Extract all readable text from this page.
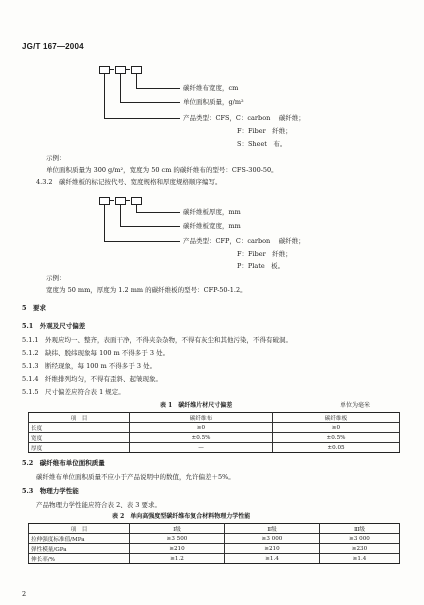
JG/T 167—2004
碳纤维布宽度，cm
单位面积质量，g/m²
产品类型：CFS，C：carbon　 碳纤维；
F：Fiber　纤维；
S：Sheet　布。
示例：
单位面积质量为 300 g/m²，宽度为 50 cm 的碳纤维布的型号：CFS-300-50。
4.3.2　碳纤维板的标记按代号、宽度规格和厚度规格顺序编写。
碳纤维板厚度，mm
碳纤维板宽度，mm
产品类型：CFP，C：carbon　 碳纤维；
F：Fiber　纤维；
P：Plate　板。
示例：
宽度为 50 mm，厚度为 1.2 mm 的碳纤维板的型号：CFP-50-1.2。
5　要求
5.1　外观及尺寸偏差
5.1.1　外观应均一、整齐，表面干净，不得夹杂杂物，不得有灰尘和其他污染，不得有破洞。
5.1.2　缺纬、脱纬现象每 100 m 不得多于 3 处。
5.1.3　断经现象，每 100 m 不得多于 3 处。
5.1.4　纤维排列均匀，不得有歪斜、起皱现象。
5.1.5　尺寸偏差应符合表 1 规定。
表 1　碳纤维片材尺寸偏差	单位为毫米
项　目	碳纤维布	碳纤维板
长度	≥0	≥0
宽度	±0.5%	±0.5%
厚度	—	±0.05
5.2　碳纤维布单位面积质量
碳纤维布单位面积质量不应小于产品说明中的数值，允许偏差＋5%。
5.3　物理力学性能
产品物理力学性能应符合表 2、表 3 要求。
表 2　单向高强度型碳纤维布复合材料物理力学性能
项　目	Ⅰ级	Ⅱ级	Ⅲ级
拉伸强度标准值/MPa	≥3 500	≥3 000	≥3 000
弹性模量/GPa	≥210	≥210	≥230
伸长率/%	≥1.2	≥1.4	≥1.4
2
